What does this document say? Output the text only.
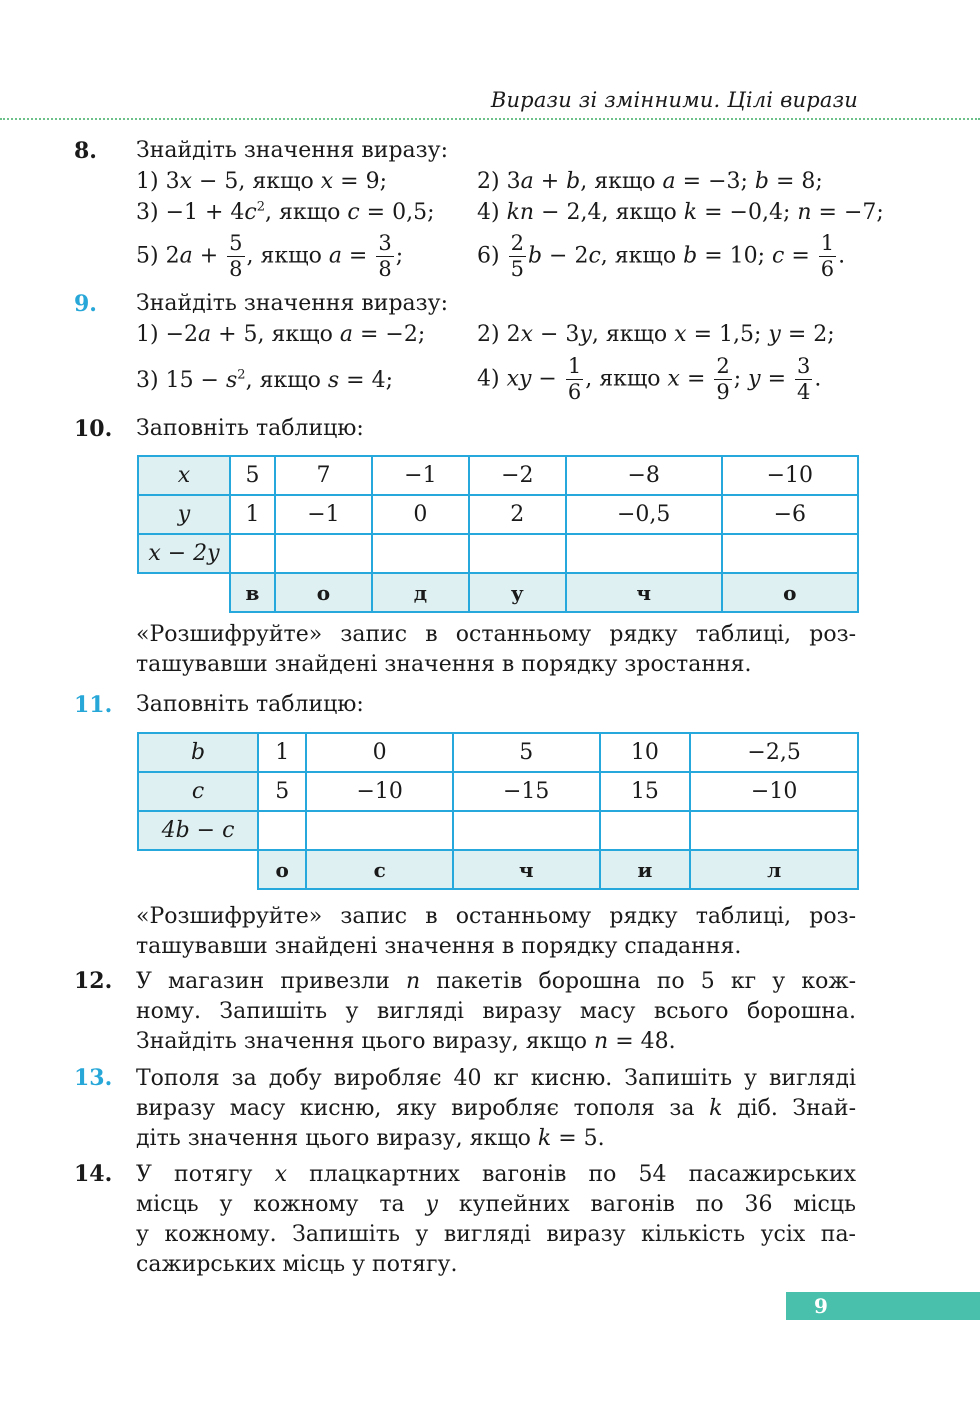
Вирази зі змінними. Цілі вирази
8. Знайдіть значення виразу:
1) 3x − 5, якщо x = 9;	2) 3a + b, якщо a = −3; b = 8;
$3) -1 + 4c^2$, якщо c = 0,5; 4) kn − 2,4, якщо k = −0,4; n = −7;
5) $2a + \frac{5}{8}$ , якщо $a = \frac{3}{8}$ ;	$6) \frac{2}{5}$ b − 2c, якщо b = 10; $c = \frac{1}{6}$ .
9. Знайдіть значення виразу:
1) −2a + 5, якщо a = −2; 2) 2x − 3y, якщо x = 1,5; y = 2;
3) $15 - s^2$, якщо s = 4;	4) xy − $\frac{1}{6}$ , якщо $x = \frac{2}{9}$ ; $y = \frac{3}{4}$ .
10. Заповніть таблицю:
x	5	7	−1	−2	−8	−10
y	1	−1	0	2	−0,5	−6
x − 2y						
	в	о	д	у	ч	о
«Розшифруйте» запис в останньому рядку таблиці, роз-
ташувавши знайдені значення в порядку зростання.
11. Заповніть таблицю:
b	1	0	5	10	−2,5
c	5	−10	−15	15	−10
4b − c					
	о	с	ч	и	л
«Розшифруйте» запис в останньому рядку таблиці, роз-
ташувавши знайдені значення в порядку спадання.
12. У магазин привезли n пакетів борошна по 5 кг у кож-
ному. Запишіть у вигляді виразу масу всього борошна.
Знайдіть значення цього виразу, якщо n = 48.
13. Тополя за добу виробляє 40 кг кисню. Запишіть у вигляді
виразу масу кисню, яку виробляє тополя за k діб. Знай-
діть значення цього виразу, якщо k = 5.
14. У потягу x плацкартних вагонів по 54 пасажирських
місць у кожному та y купейних вагонів по 36 місць
у кожному. Запишіть у вигляді виразу кількість усіх па-
сажирських місць у потягу.
9
